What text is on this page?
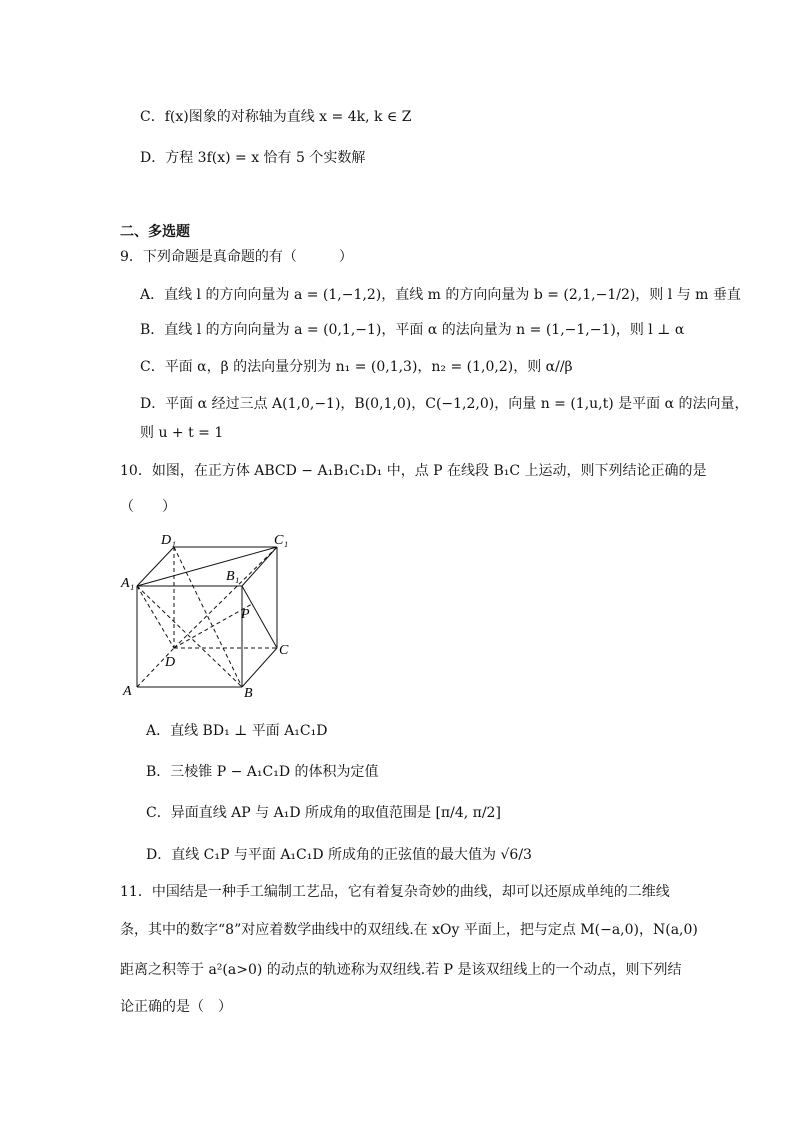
C．f(x)图象的对称轴为直线 x = 4k, k ∈ Z
D．方程 3f(x) = x 恰有 5 个实数解
二、多选题
9．下列命题是真命题的有（　　　）
A．直线 l 的方向向量为 a = (1,−1,2)，直线 m 的方向向量为 b = (2,1,−1/2)，则 l 与 m 垂直
B．直线 l 的方向向量为 a = (0,1,−1)，平面 α 的法向量为 n = (1,−1,−1)，则 l ⊥ α
C．平面 α，β 的法向量分别为 n₁ = (0,1,3)，n₂ = (1,0,2)，则 α//β
D．平面 α 经过三点 A(1,0,−1)，B(0,1,0)，C(−1,2,0)，向量 n = (1,u,t) 是平面 α 的法向量，
则 u + t = 1
10．如图，在正方体 ABCD − A₁B₁C₁D₁ 中，点 P 在线段 B₁C 上运动，则下列结论正确的是
（　　）
D₁	C₁
A₁	B₁
P
C
D
A	B
A．直线 BD₁ ⊥ 平面 A₁C₁D
B．三棱锥 P − A₁C₁D 的体积为定值
C．异面直线 AP 与 A₁D 所成角的取值范围是 [π/4, π/2]
D．直线 C₁P 与平面 A₁C₁D 所成角的正弦值的最大值为 √6/3
11．中国结是一种手工编制工艺品，它有着复杂奇妙的曲线，却可以还原成单纯的二维线
条，其中的数字“8”对应着数学曲线中的双纽线.在 xOy 平面上，把与定点 M(−a,0)，N(a,0)
距离之积等于 a²(a>0) 的动点的轨迹称为双纽线.若 P 是该双纽线上的一个动点，则下列结
论正确的是（　）
